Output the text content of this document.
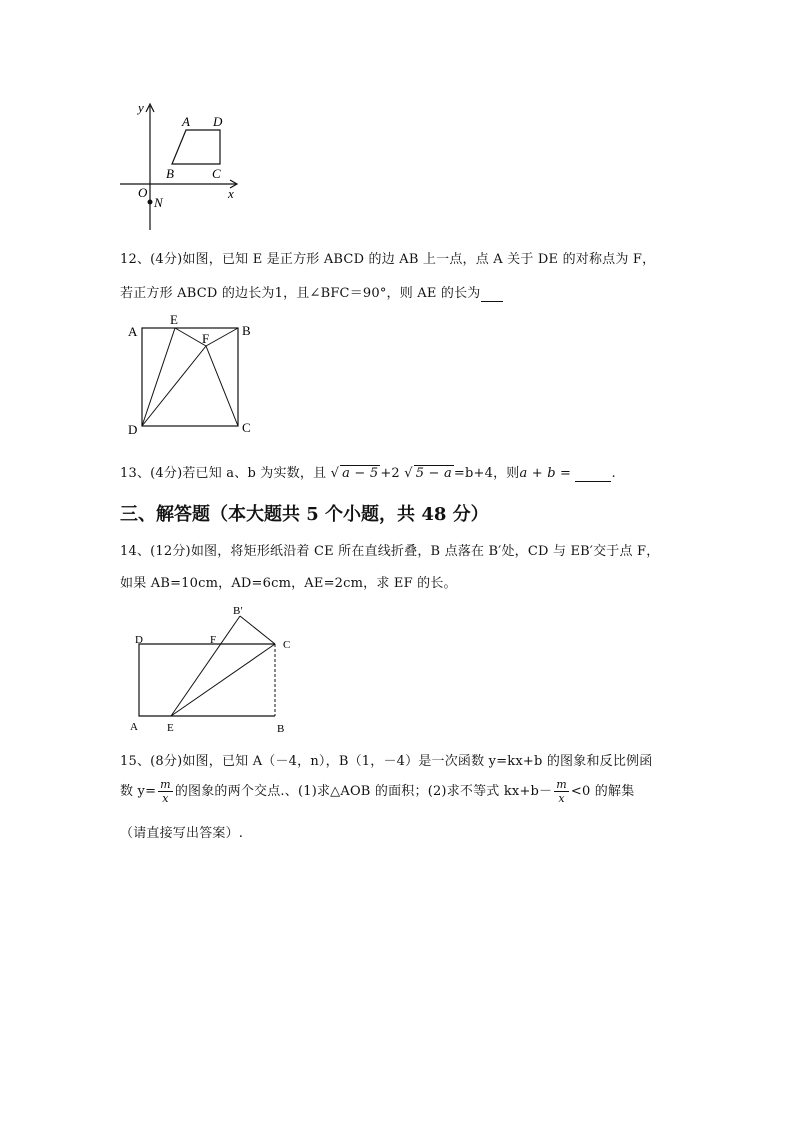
y
x
O
N
A D
B	C
12、(4分)如图，已知 E 是正方形 ABCD 的边 AB 上一点，点 A 关于 DE 的对称点为 F，
若正方形 ABCD 的边长为1，且∠BFC＝90°，则 AE 的长为
A
E
B
F
D	C
13、(4分)若已知 a、b 为实数，且 √ a − 5 +2 √ 5 − a =b+4，则a + b =	.
三、解答题（本大题共 5 个小题，共 48 分）
14、(12分)如图，将矩形纸沿着 CE 所在直线折叠，B 点落在 B′处，CD 与 EB′交于点 F，
如果 AB=10cm，AD=6cm，AE=2cm，求 EF 的长。
B′
D	F	C
A	E	B
15、(8分)如图，已知 A（－4，n），B（1，－4）是一次函数 y=kx+b 的图象和反比例函
数 $y= \frac{m}{x}$ 的图象的两个交点.、(1)求△AOB 的面积；(2)求不等式 $kx+b- \frac{m}{x} <0$ 的解集
（请直接写出答案）.
